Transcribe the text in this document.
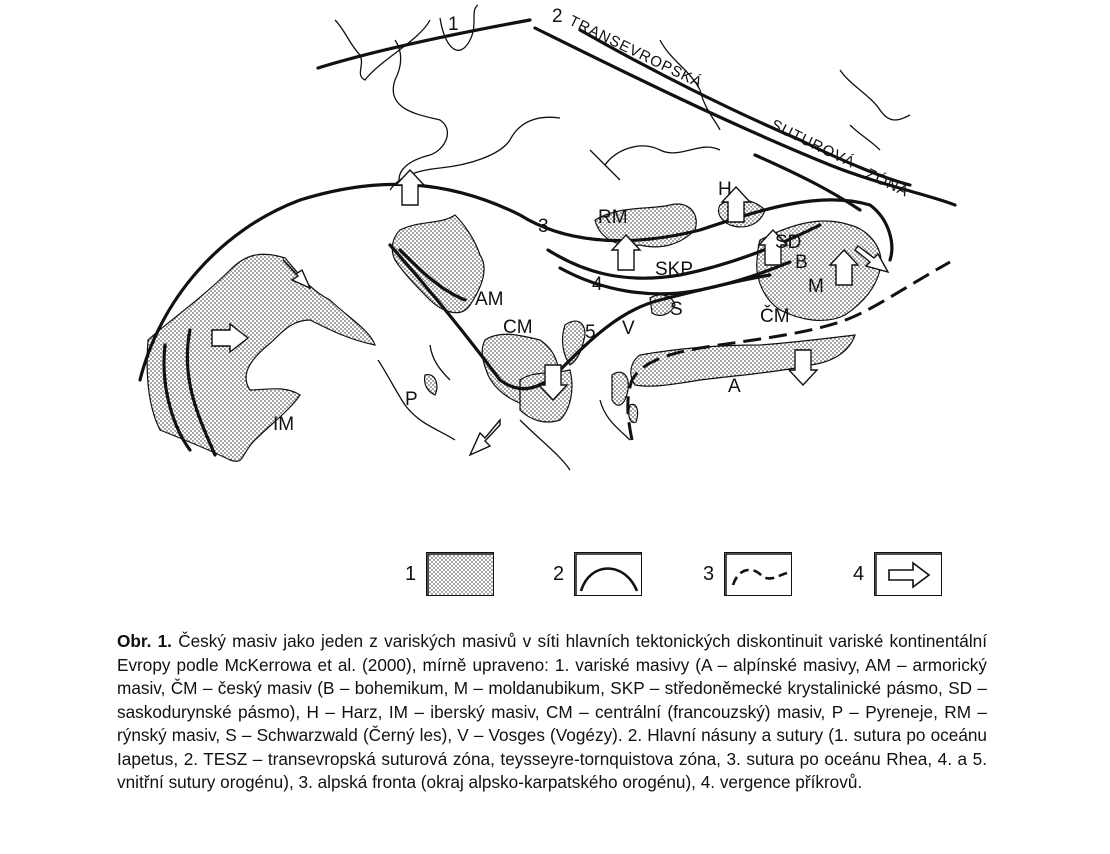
1	2 TRANSEVROPSKÁ
SUTUROVÁ
ZÓNA
3
4
5
RM
H
SD
SKP	B
M
AM
CM	V
S	ČM
A
P
IM
1	2	3	4
Obr. 1. Český masiv jako jeden z variských masivů v síti hlavních tektonických diskontinuit variské kontinentální Evropy podle McKerrowa et al. (2000), mírně upraveno: 1. variské masivy (A – alpínské masivy, AM – armorický masiv, ČM – český masiv (B – bohemikum, M – moldanubikum, SKP – středoněmecké krystalinické pásmo, SD – saskodurynské pásmo), H – Harz, IM – iberský masiv, CM – centrální (francouzský) masiv, P – Pyreneje, RM – rýnský masiv, S – Schwarzwald (Černý les), V – Vosges (Vogézy). 2. Hlavní násuny a sutury (1. sutura po oceánu Iapetus, 2. TESZ – transevropská suturová zóna, teysseyre-tornquistova zóna, 3. sutura po oceánu Rhea, 4. a 5. vnitřní sutury orogénu), 3. alpská fronta (okraj alpsko-karpatského orogénu), 4. vergence příkrovů.
